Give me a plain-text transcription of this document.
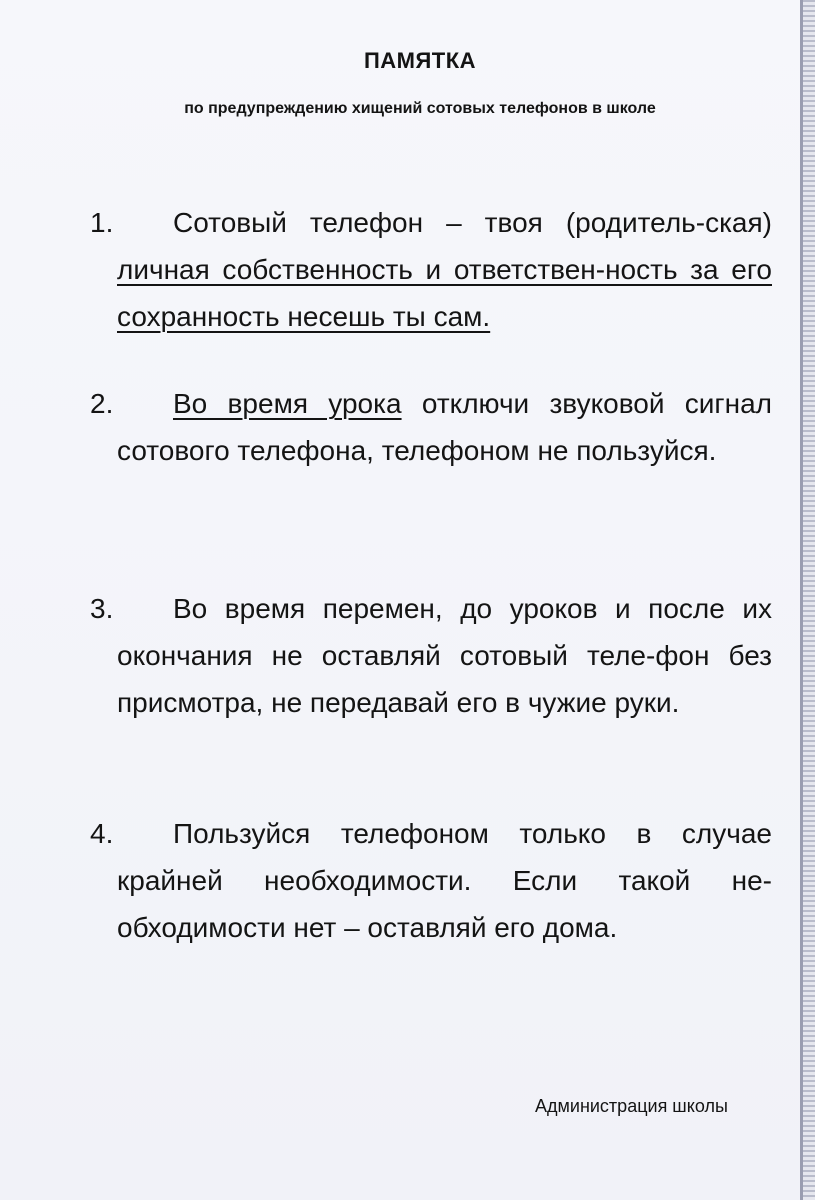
ПАМЯТКА
по предупреждению хищений сотовых телефонов в школе
1.	Сотовый телефон – твоя (родитель-ская) личная собственность и ответствен-ность за его сохранность несешь ты сам.
2.	Во время урока отключи звуковой сигнал сотового телефона, телефоном не пользуйся.
3.	Во время перемен, до уроков и после их окончания не оставляй сотовый теле-фон без присмотра, не передавай его в чужие руки.
4.	Пользуйся телефоном только в случае крайней необходимости. Если такой не-обходимости нет – оставляй его дома.
Администрация школы
